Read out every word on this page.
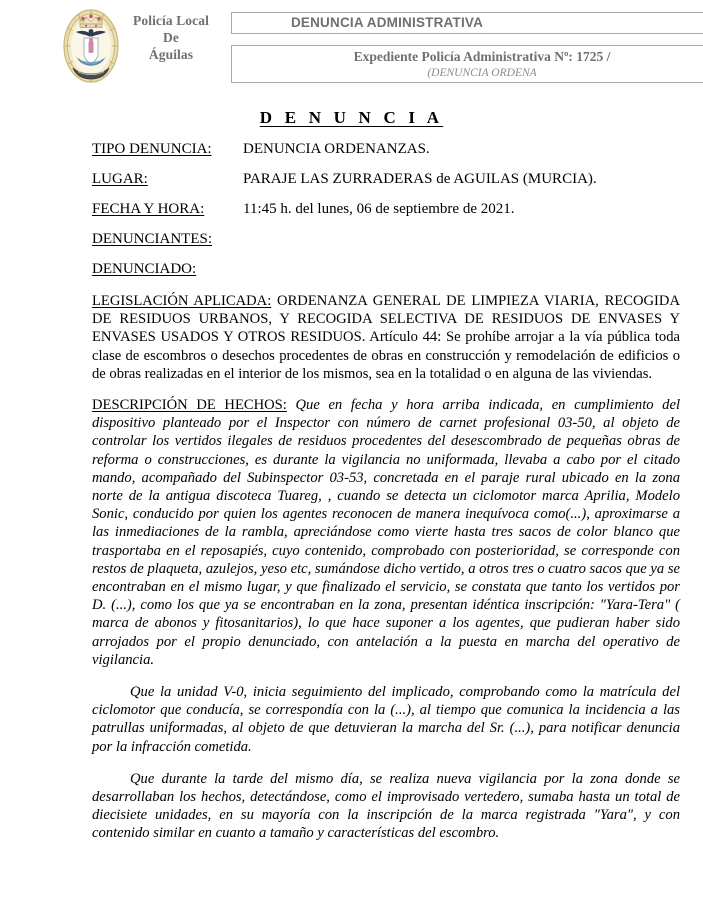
Policía Local
De
Águilas
DENUNCIA ADMINISTRATIVA
Expediente Policía Administrativa Nº: 1725 /
(DENUNCIA ORDENA
D E N U N C I A
TIPO DENUNCIA:	DENUNCIA ORDENANZAS.
LUGAR:	PARAJE LAS ZURRADERAS de AGUILAS (MURCIA).
FECHA Y HORA:	11:45 h. del lunes, 06 de septiembre de 2021.
DENUNCIANTES:
DENUNCIADO:

LEGISLACIÓN APLICADA: ORDENANZA GENERAL DE LIMPIEZA VIARIA, RECOGIDA DE RESIDUOS URBANOS, Y RECOGIDA SELECTIVA DE RESIDUOS DE ENVASES Y ENVASES USADOS Y OTROS RESIDUOS. Artículo 44: Se prohíbe arrojar a la vía pública toda clase de escombros o desechos procedentes de obras en construcción y remodelación de edificios o de obras realizadas en el interior de los mismos, sea en la totalidad o en alguna de las viviendas.

DESCRIPCIÓN DE HECHOS: Que en fecha y hora arriba indicada, en cumplimiento del dispositivo planteado por el Inspector con número de carnet profesional 03-50, al objeto de controlar los vertidos ilegales de residuos procedentes del desescombrado de pequeñas obras de reforma o construcciones, es durante la vigilancia no uniformada, llevaba a cabo por el citado mando, acompañado del Subinspector 03-53, concretada en el paraje rural ubicado en la zona norte de la antigua discoteca Tuareg, , cuando se detecta un ciclomotor marca Aprilia, Modelo Sonic, conducido por quien los agentes reconocen de manera inequívoca como(...), aproximarse a las inmediaciones de la rambla, apreciándose como vierte hasta tres sacos de color blanco que trasportaba en el reposapiés, cuyo contenido, comprobado con posterioridad, se corresponde con restos de plaqueta, azulejos, yeso etc, sumándose dicho vertido, a otros tres o cuatro sacos que ya se encontraban en el mismo lugar, y que finalizado el servicio, se constata que tanto los vertidos por D. (...), como los que ya se encontraban en la zona, presentan idéntica inscripción: "Yara-Tera" ( marca de abonos y fitosanitarios), lo que hace suponer a los agentes, que pudieran haber sido arrojados por el propio denunciado, con antelación a la puesta en marcha del operativo de vigilancia.

Que la unidad V-0, inicia seguimiento del implicado, comprobando como la matrícula del ciclomotor que conducía, se correspondía con la (...), al tiempo que comunica la incidencia a las patrullas uniformadas, al objeto de que detuvieran la marcha del Sr. (...), para notificar denuncia por la infracción cometida.

Que durante la tarde del mismo día, se realiza nueva vigilancia por la zona donde se desarrollaban los hechos, detectándose, como el improvisado vertedero, sumaba hasta un total de diecisiete unidades, en su mayoría con la inscripción de la marca registrada "Yara", y con contenido similar en cuanto a tamaño y características del escombro.
